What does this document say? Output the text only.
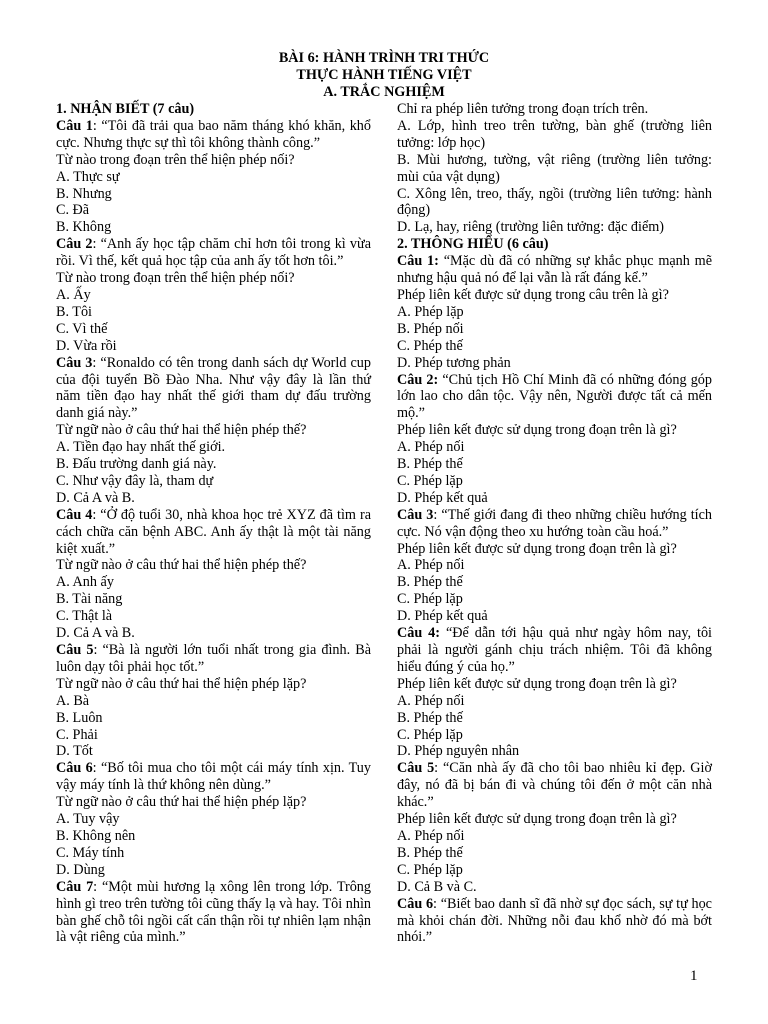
BÀI 6: HÀNH TRÌNH TRI THỨC
THỰC HÀNH TIẾNG VIỆT
A. TRẮC NGHIỆM

1. NHẬN BIẾT (7 câu)

Câu 1: “Tôi đã trải qua bao năm tháng khó khăn, khổ cực. Nhưng thực sự thì tôi không thành công.”

Từ nào trong đoạn trên thể hiện phép nối?

A. Thực sự

B. Nhưng

C. Đã

B. Không

Câu 2: “Anh ấy học tập chăm chỉ hơn tôi trong kì vừa rồi. Vì thế, kết quả học tập của anh ấy tốt hơn tôi.”

Từ nào trong đoạn trên thể hiện phép nối?

A. Ấy

B. Tôi

C. Vì thế

D. Vừa rồi

Câu 3: “Ronaldo có tên trong danh sách dự World cup của đội tuyển Bồ Đào Nha. Như vậy đây là lần thứ năm tiền đạo hay nhất thế giới tham dự đấu trường danh giá này.”

Từ ngữ nào ở câu thứ hai thể hiện phép thế?

A. Tiền đạo hay nhất thế giới.

B. Đấu trường danh giá này.

C. Như vậy đây là, tham dự

D. Cả A và B.

Câu 4: “Ở độ tuổi 30, nhà khoa học trẻ XYZ đã tìm ra cách chữa căn bệnh ABC. Anh ấy thật là một tài năng kiệt xuất.”

Từ ngữ nào ở câu thứ hai thể hiện phép thế?

A. Anh ấy

B. Tài năng

C. Thật là

D. Cả A và B.

Câu 5: “Bà là người lớn tuổi nhất trong gia đình. Bà luôn dạy tôi phải học tốt.”

Từ ngữ nào ở câu thứ hai thể hiện phép lặp?

A. Bà

B. Luôn

C. Phải

D. Tốt

Câu 6: “Bố tôi mua cho tôi một cái máy tính xịn. Tuy vậy máy tính là thứ không nên dùng.”

Từ ngữ nào ở câu thứ hai thể hiện phép lặp?

A. Tuy vậy

B. Không nên

C. Máy tính

D. Dùng

Câu 7: “Một mùi hương lạ xông lên trong lớp. Trông hình gì treo trên tường tôi cũng thấy lạ và hay. Tôi nhìn bàn ghế chỗ tôi ngồi cất cẩn thận rồi tự nhiên lạm nhận là vật riêng của mình.”

Chỉ ra phép liên tưởng trong đoạn trích trên.

A. Lớp, hình treo trên tường, bàn ghế (trường liên tưởng: lớp học)

B. Mùi hương, tường, vật riêng (trường liên tưởng: mùi của vật dụng)

C. Xông lên, treo, thấy, ngồi (trường liên tưởng: hành động)

D. Lạ, hay, riêng (trường liên tưởng: đặc điểm)

2. THÔNG HIỂU (6 câu)

Câu 1: “Mặc dù đã có những sự khắc phục mạnh mẽ nhưng hậu quả nó để lại vẫn là rất đáng kể.”

Phép liên kết được sử dụng trong câu trên là gì?

A. Phép lặp

B. Phép nối

C. Phép thế

D. Phép tương phản

Câu 2: “Chủ tịch Hồ Chí Minh đã có những đóng góp lớn lao cho dân tộc. Vậy nên, Người được tất cả mến mộ.”

Phép liên kết được sử dụng trong đoạn trên là gì?

A. Phép nối

B. Phép thế

C. Phép lặp

D. Phép kết quả

Câu 3: “Thế giới đang đi theo những chiều hướng tích cực. Nó vận động theo xu hướng toàn cầu hoá.”

Phép liên kết được sử dụng trong đoạn trên là gì?

A. Phép nối

B. Phép thế

C. Phép lặp

D. Phép kết quả

Câu 4: “Để dẫn tới hậu quả như ngày hôm nay, tôi phải là người gánh chịu trách nhiệm. Tôi đã không hiểu đúng ý của họ.”

Phép liên kết được sử dụng trong đoạn trên là gì?

A. Phép nối

B. Phép thế

C. Phép lặp

D. Phép nguyên nhân

Câu 5: “Căn nhà ấy đã cho tôi bao nhiêu kỉ đẹp. Giờ đây, nó đã bị bán đi và chúng tôi đến ở một căn nhà khác.”

Phép liên kết được sử dụng trong đoạn trên là gì?

A. Phép nối

B. Phép thế

C. Phép lặp

D. Cả B và C.

Câu 6: “Biết bao danh sĩ đã nhờ sự đọc sách, sự tự học mà khỏi chán đời. Những nỗi đau khổ nhờ đó mà bớt nhói.”

1
